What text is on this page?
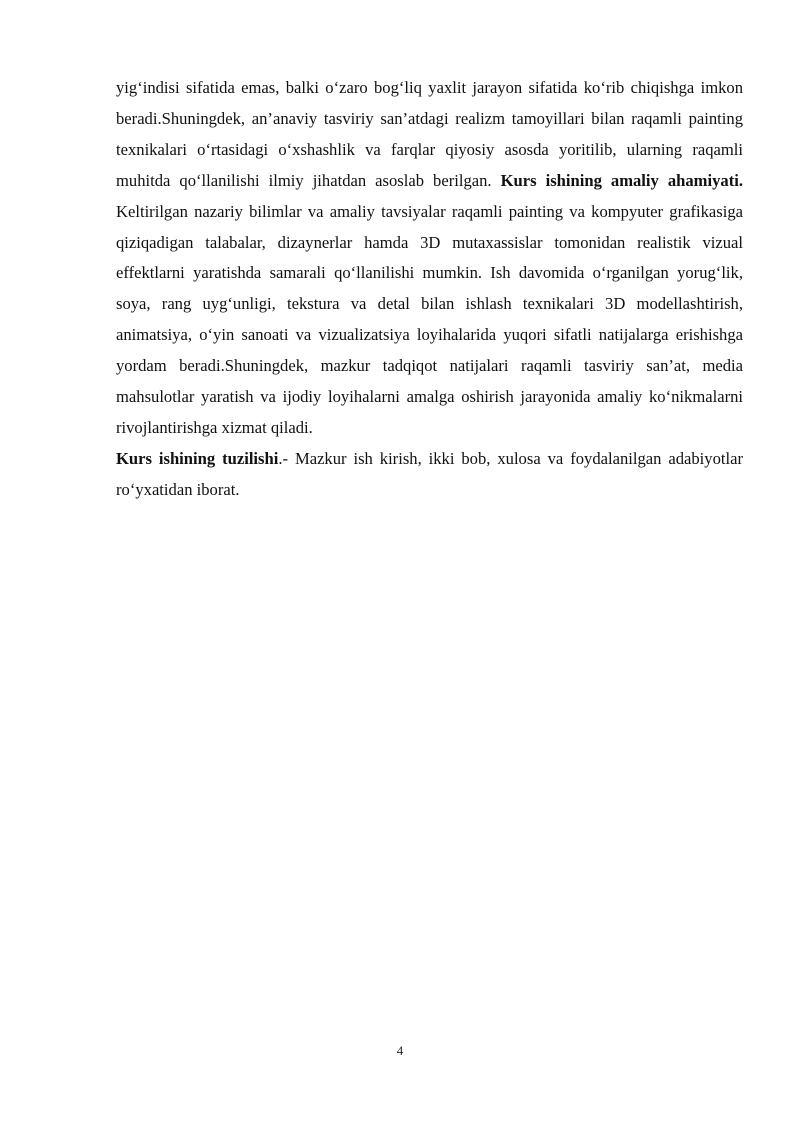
yig‘indisi sifatida emas, balki o‘zaro bog‘liq yaxlit jarayon sifatida ko‘rib chiqishga imkon beradi.Shuningdek, an’anaviy tasviriy san’atdagi realizm tamoyillari bilan raqamli painting texnikalari o‘rtasidagi o‘xshashlik va farqlar qiyosiy asosda yoritilib, ularning raqamli muhitda qo‘llanilishi ilmiy jihatdan asoslab berilgan. Kurs ishining amaliy ahamiyati. Keltirilgan nazariy bilimlar va amaliy tavsiyalar raqamli painting va kompyuter grafikasiga qiziqadigan talabalar, dizaynerlar hamda 3D mutaxassislar tomonidan realistik vizual effektlarni yaratishda samarali qo‘llanilishi mumkin. Ish davomida o‘rganilgan yorug‘lik, soya, rang uyg‘unligi, tekstura va detal bilan ishlash texnikalari 3D modellashtirish, animatsiya, o‘yin sanoati va vizualizatsiya loyihalarida yuqori sifatli natijalarga erishishga yordam beradi.Shuningdek, mazkur tadqiqot natijalari raqamli tasviriy san’at, media mahsulotlar yaratish va ijodiy loyihalarni amalga oshirish jarayonida amaliy ko‘nikmalarni rivojlantirishga xizmat qiladi.

Kurs ishining tuzilishi.- Mazkur ish kirish, ikki bob, xulosa va foydalanilgan adabiyotlar ro‘yxatidan iborat.

4
